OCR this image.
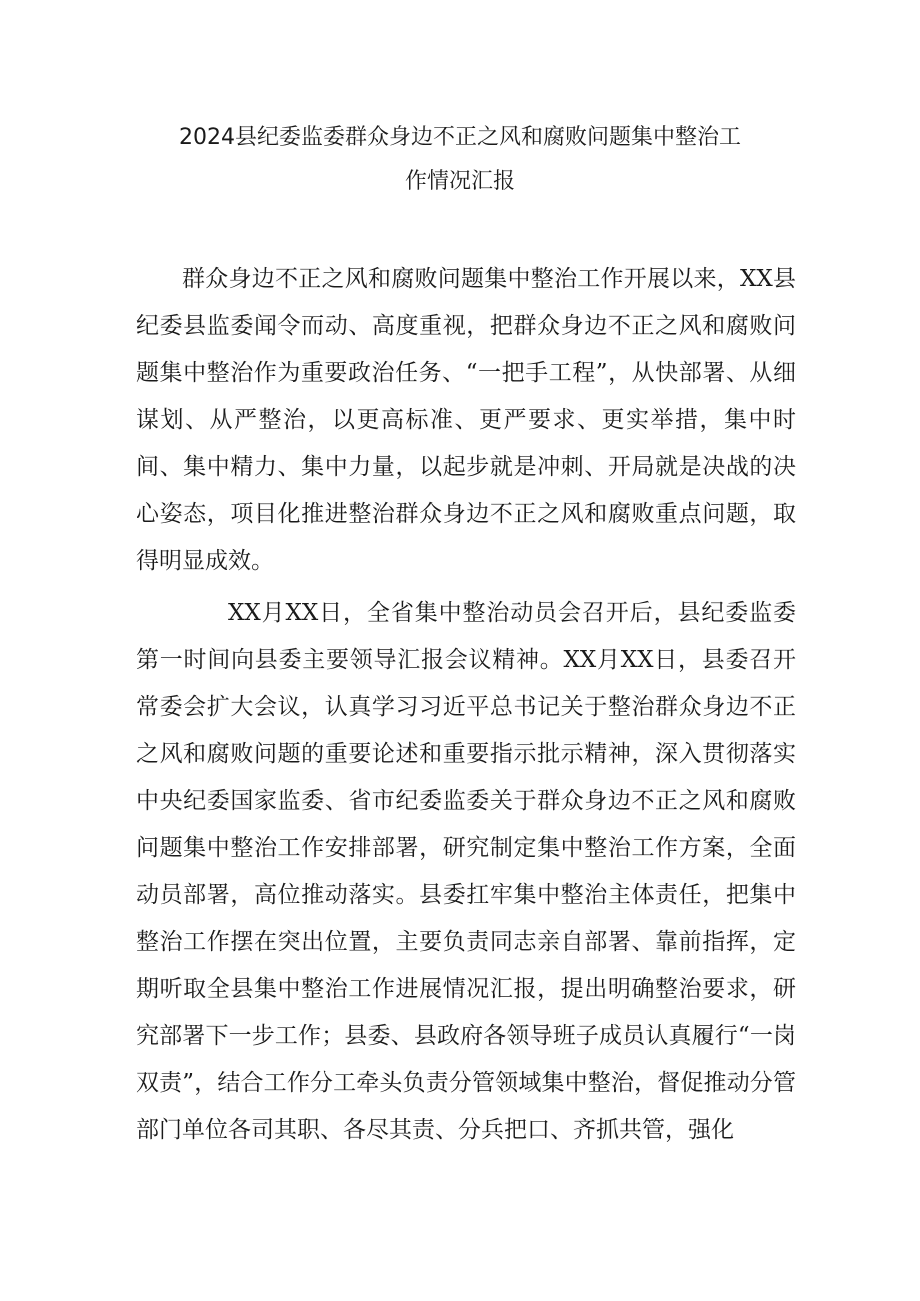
2024县纪委监委群众身边不正之风和腐败问题集中整治工
作情况汇报

群众身边不正之风和腐败问题集中整治工作开展以来，XX县纪委县监委闻令而动、高度重视，把群众身边不正之风和腐败问题集中整治作为重要政治任务、“一把手工程”，从快部署、从细谋划、从严整治，以更高标准、更严要求、更实举措，集中时间、集中精力、集中力量，以起步就是冲刺、开局就是决战的决心姿态，项目化推进整治群众身边不正之风和腐败重点问题，取得明显成效。

XX月XX日，全省集中整治动员会召开后，县纪委监委第一时间向县委主要领导汇报会议精神。XX月XX日，县委召开常委会扩大会议，认真学习习近平总书记关于整治群众身边不正之风和腐败问题的重要论述和重要指示批示精神，深入贯彻落实中央纪委国家监委、省市纪委监委关于群众身边不正之风和腐败问题集中整治工作安排部署，研究制定集中整治工作方案，全面动员部署，高位推动落实。县委扛牢集中整治主体责任，把集中整治工作摆在突出位置，主要负责同志亲自部署、靠前指挥，定期听取全县集中整治工作进展情况汇报，提出明确整治要求，研究部署下一步工作；县委、县政府各领导班子成员认真履行“一岗双责”，结合工作分工牵头负责分管领域集中整治，督促推动分管部门单位各司其职、各尽其责、分兵把口、齐抓共管，强化
